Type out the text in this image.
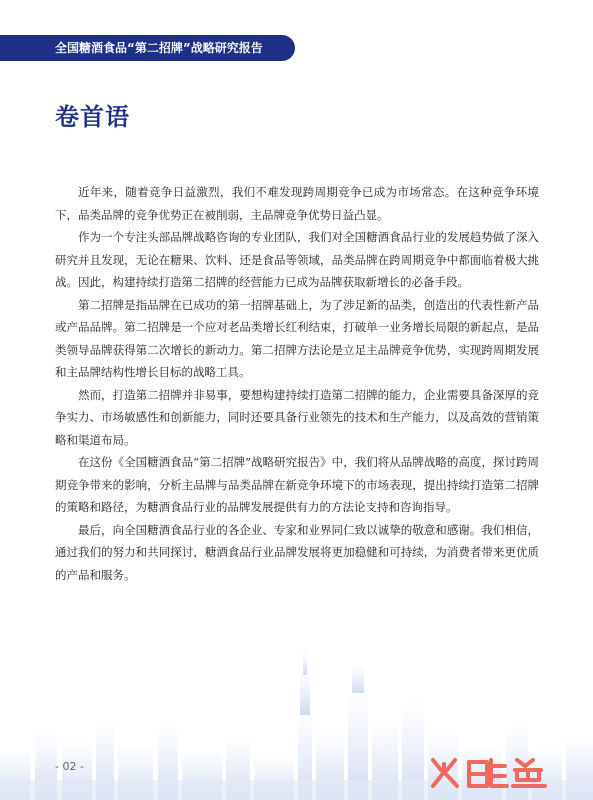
全国糖酒食品“第二招牌”战略研究报告
卷首语

近年来，随着竞争日益激烈，我们不难发现跨周期竞争已成为市场常态。在这种竞争环境下，品类品牌的竞争优势正在被削弱，主品牌竞争优势日益凸显。

作为一个专注头部品牌战略咨询的专业团队，我们对全国糖酒食品行业的发展趋势做了深入研究并且发现，无论在糖果、饮料、还是食品等领域，品类品牌在跨周期竞争中都面临着极大挑战。因此，构建持续打造第二招牌的经营能力已成为品牌获取新增长的必备手段。

第二招牌是指品牌在已成功的第一招牌基础上，为了涉足新的品类，创造出的代表性新产品或产品品牌。第二招牌是一个应对老品类增长红利结束，打破单一业务增长局限的新起点，是品类领导品牌获得第二次增长的新动力。第二招牌方法论是立足主品牌竞争优势，实现跨周期发展和主品牌结构性增长目标的战略工具。

然而，打造第二招牌并非易事，要想构建持续打造第二招牌的能力，企业需要具备深厚的竞争实力、市场敏感性和创新能力，同时还要具备行业领先的技术和生产能力，以及高效的营销策略和渠道布局。

在这份《全国糖酒食品“第二招牌”战略研究报告》中，我们将从品牌战略的高度，探讨跨周期竞争带来的影响，分析主品牌与品类品牌在新竞争环境下的市场表现，提出持续打造第二招牌的策略和路径，为糖酒食品行业的品牌发展提供有力的方法论支持和咨询指导。

最后，向全国糖酒食品行业的各企业、专家和业界同仁致以诚挚的敬意和感谢。我们相信，通过我们的努力和共同探讨，糖酒食品行业品牌发展将更加稳健和可持续，为消费者带来更优质的产品和服务。

- 02 -
